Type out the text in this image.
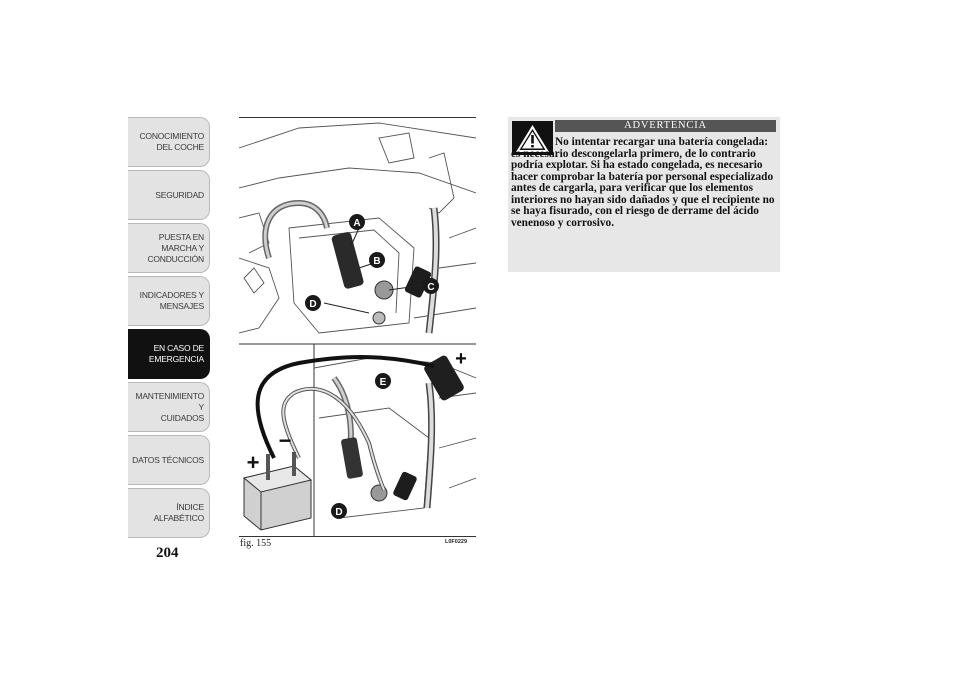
CONOCIMIENTO
DEL COCHE
SEGURIDAD
PUESTA EN
MARCHA Y
CONDUCCIÓN
INDICADORES Y
MENSAJES
EN CASO DE
EMERGENCIA
MANTENIMIENTO Y
CUIDADOS
DATOS TÉCNICOS
ÍNDICE
ALFABÉTICO
204
A
B
C
D
E
D
+
+
−
fig. 155	L0F0229
ADVERTENCIA
No intentar recargar una batería congelada: es necesario descongelarla primero, de lo contrario podría explotar. Si ha estado congelada, es necesario hacer comprobar la batería por personal especializado antes de cargarla, para verificar que los elementos interiores no hayan sido dañados y que el recipiente no se haya fisurado, con el riesgo de derrame del ácido venenoso y corrosivo.
